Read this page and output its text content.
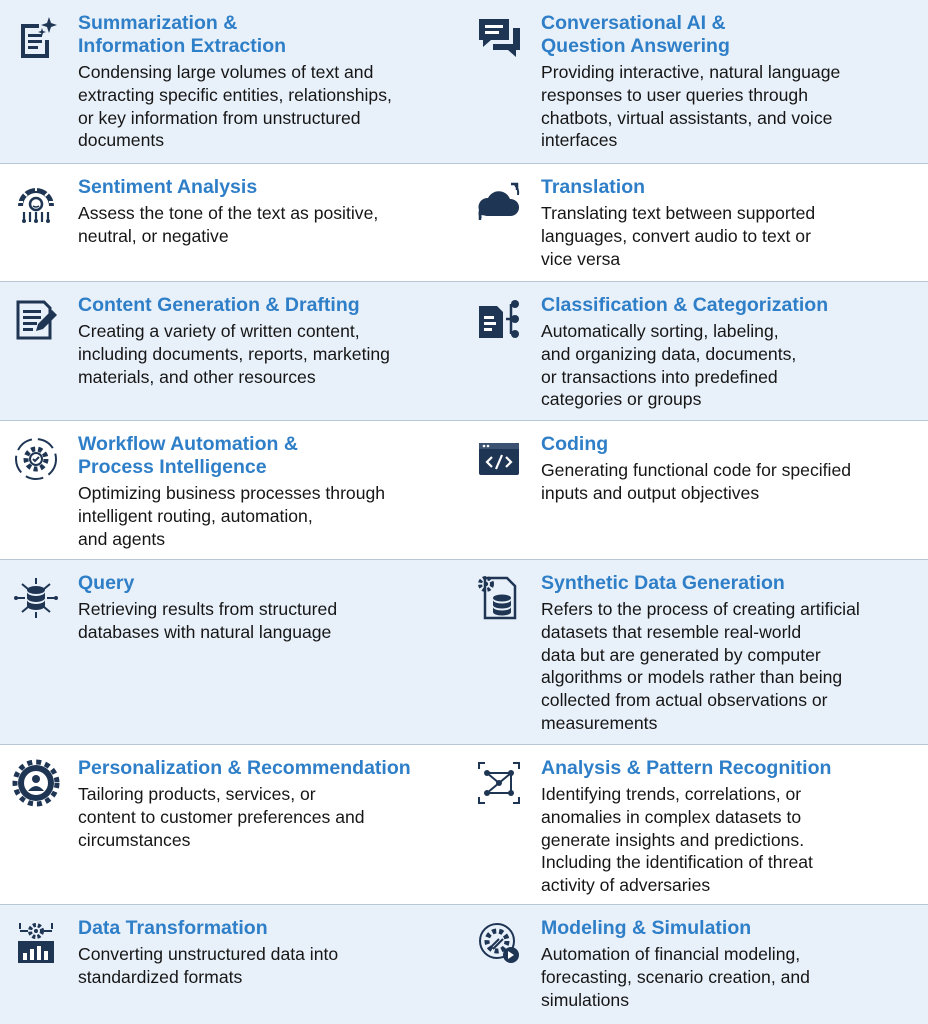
Summarization &
Information Extraction

Condensing large volumes of text and
extracting specific entities, relationships,
or key information from unstructured
documents

Conversational AI &
Question Answering

Providing interactive, natural language
responses to user queries through
chatbots, virtual assistants, and voice
interfaces

Sentiment Analysis

Assess the tone of the text as positive,
neutral, or negative

Translation

Translating text between supported
languages, convert audio to text or
vice versa

Content Generation & Drafting

Creating a variety of written content,
including documents, reports, marketing
materials, and other resources

Classification & Categorization

Automatically sorting, labeling,
and organizing data, documents,
or transactions into predefined
categories or groups

Workflow Automation &
Process Intelligence

Optimizing business processes through
intelligent routing, automation,
and agents

Coding

Generating functional code for specified
inputs and output objectives

Query

Retrieving results from structured
databases with natural language

Synthetic Data Generation

Refers to the process of creating artificial
datasets that resemble real-world
data but are generated by computer
algorithms or models rather than being
collected from actual observations or
measurements

Personalization & Recommendation

Tailoring products, services, or
content to customer preferences and
circumstances

Analysis & Pattern Recognition

Identifying trends, correlations, or
anomalies in complex datasets to
generate insights and predictions.
Including the identification of threat
activity of adversaries

Data Transformation

Converting unstructured data into
standardized formats

Modeling & Simulation

Automation of financial modeling,
forecasting, scenario creation, and
simulations
